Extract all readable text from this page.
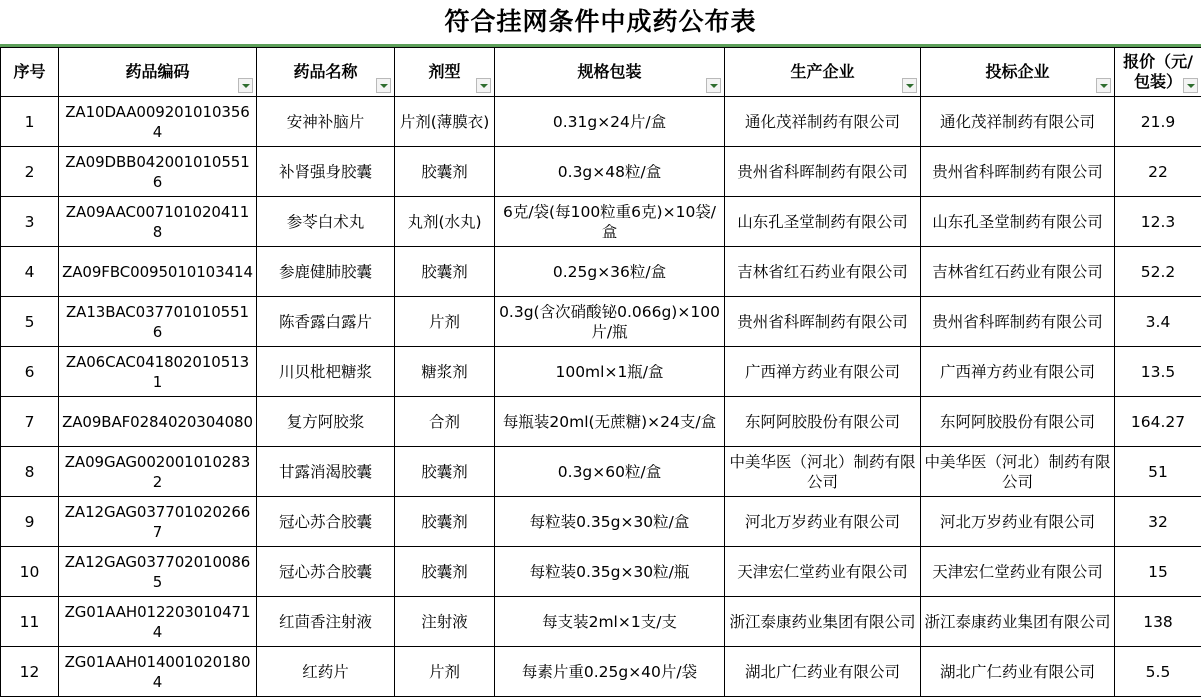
符合挂网条件中成药公布表
序号	药品编码	药品名称	剂型	规格包装	生产企业	投标企业	报价（元/包装）

1	ZA10DAA0092010103564	安神补脑片	片剂(薄膜衣)	0.31g×24片/盒	通化茂祥制药有限公司	通化茂祥制药有限公司	21.9
2	ZA09DBB0420010105516	补肾强身胶囊	胶囊剂	0.3g×48粒/盒	贵州省科晖制药有限公司	贵州省科晖制药有限公司	22
3	ZA09AAC0071010204118	参苓白术丸	丸剂(水丸)	6克/袋(每100粒重6克)×10袋/盒	山东孔圣堂制药有限公司	山东孔圣堂制药有限公司	12.3
4	ZA09FBC0095010103414	参鹿健肺胶囊	胶囊剂	0.25g×36粒/盒	吉林省红石药业有限公司	吉林省红石药业有限公司	52.2
5	ZA13BAC0377010105516	陈香露白露片	片剂	0.3g(含次硝酸铋0.066g)×100片/瓶	贵州省科晖制药有限公司	贵州省科晖制药有限公司	3.4
6	ZA06CAC0418020105131	川贝枇杷糖浆	糖浆剂	100ml×1瓶/盒	广西禅方药业有限公司	广西禅方药业有限公司	13.5
7	ZA09BAF0284020304080	复方阿胶浆	合剂	每瓶装20ml(无蔗糖)×24支/盒	东阿阿胶股份有限公司	东阿阿胶股份有限公司	164.27
8	ZA09GAG0020010102832	甘露消渴胶囊	胶囊剂	0.3g×60粒/盒	中美华医（河北）制药有限公司	中美华医（河北）制药有限公司	51
9	ZA12GAG0377010202667	冠心苏合胶囊	胶囊剂	每粒装0.35g×30粒/盒	河北万岁药业有限公司	河北万岁药业有限公司	32
10	ZA12GAG0377020100865	冠心苏合胶囊	胶囊剂	每粒装0.35g×30粒/瓶	天津宏仁堂药业有限公司	天津宏仁堂药业有限公司	15
11	ZG01AAH0122030104714	红茴香注射液	注射液	每支装2ml×1支/支	浙江泰康药业集团有限公司	浙江泰康药业集团有限公司	138
12	ZG01AAH0140010201804	红药片	片剂	每素片重0.25g×40片/袋	湖北广仁药业有限公司	湖北广仁药业有限公司	5.5
